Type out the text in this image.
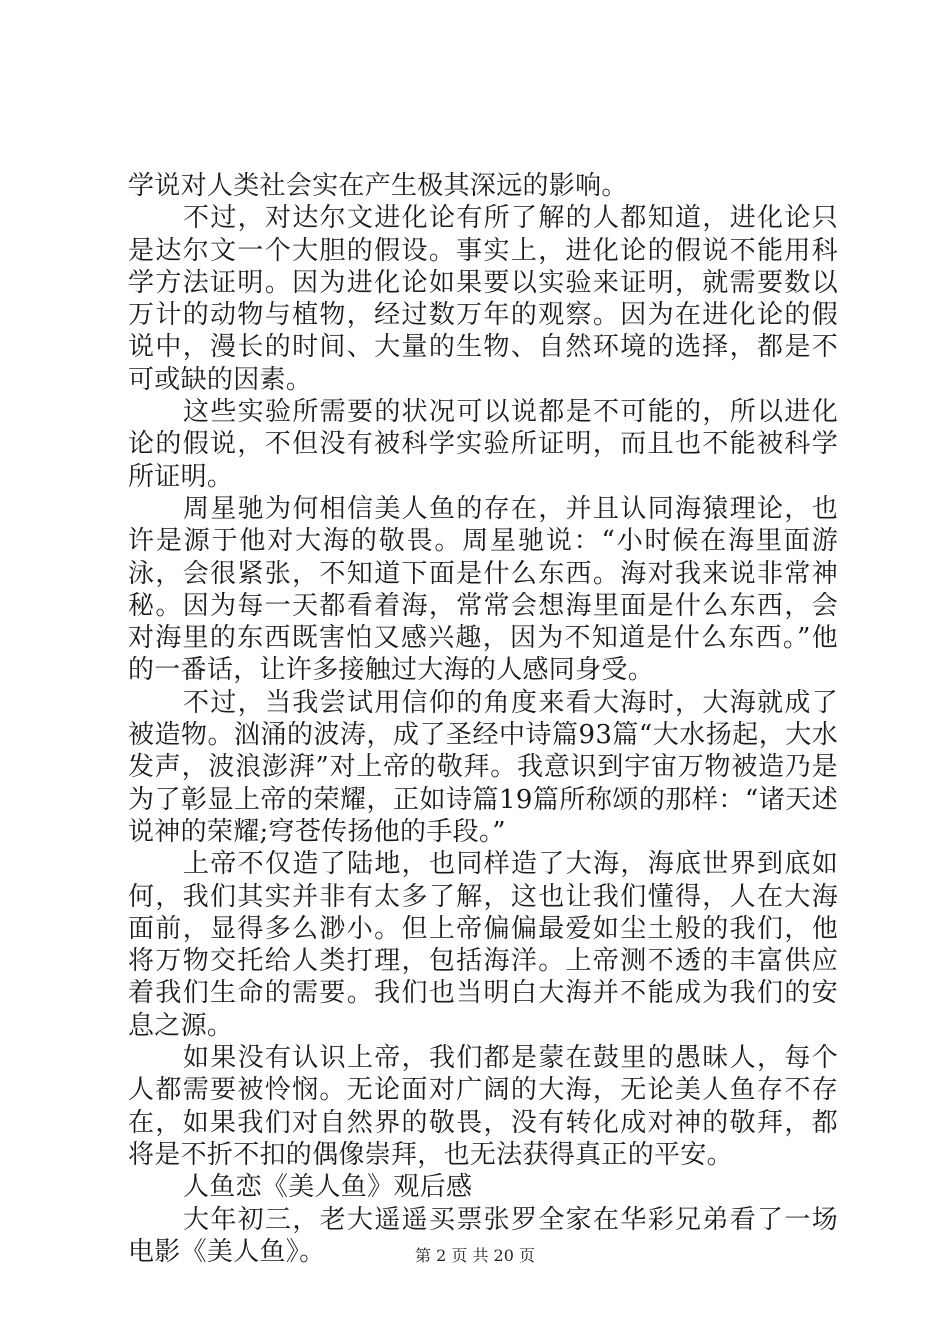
学说对人类社会实在产生极其深远的影响。

不过，对达尔文进化论有所了解的人都知道，进化论只是达尔文一个大胆的假设。事实上，进化论的假说不能用科学方法证明。因为进化论如果要以实验来证明，就需要数以万计的动物与植物，经过数万年的观察。因为在进化论的假说中，漫长的时间、大量的生物、自然环境的选择，都是不可或缺的因素。

这些实验所需要的状况可以说都是不可能的，所以进化论的假说，不但没有被科学实验所证明，而且也不能被科学所证明。

周星驰为何相信美人鱼的存在，并且认同海猿理论，也许是源于他对大海的敬畏。周星驰说：“小时候在海里面游泳，会很紧张，不知道下面是什么东西。海对我来说非常神秘。因为每一天都看着海，常常会想海里面是什么东西，会对海里的东西既害怕又感兴趣，因为不知道是什么东西。”他的一番话，让许多接触过大海的人感同身受。

不过，当我尝试用信仰的角度来看大海时，大海就成了被造物。汹涌的波涛，成了圣经中诗篇93篇“大水扬起，大水发声，波浪澎湃”对上帝的敬拜。我意识到宇宙万物被造乃是为了彰显上帝的荣耀，正如诗篇19篇所称颂的那样：“诸天述说神的荣耀;穹苍传扬他的手段。”

上帝不仅造了陆地，也同样造了大海，海底世界到底如何，我们其实并非有太多了解，这也让我们懂得，人在大海面前，显得多么渺小。但上帝偏偏最爱如尘土般的我们，他将万物交托给人类打理，包括海洋。上帝测不透的丰富供应着我们生命的需要。我们也当明白大海并不能成为我们的安息之源。

如果没有认识上帝，我们都是蒙在鼓里的愚昧人，每个人都需要被怜悯。无论面对广阔的大海，无论美人鱼存不存在，如果我们对自然界的敬畏，没有转化成对神的敬拜，都将是不折不扣的偶像崇拜，也无法获得真正的平安。

人鱼恋《美人鱼》观后感

大年初三，老大遥遥买票张罗全家在华彩兄弟看了一场电影《美人鱼》。	第 2 页 共 20 页
